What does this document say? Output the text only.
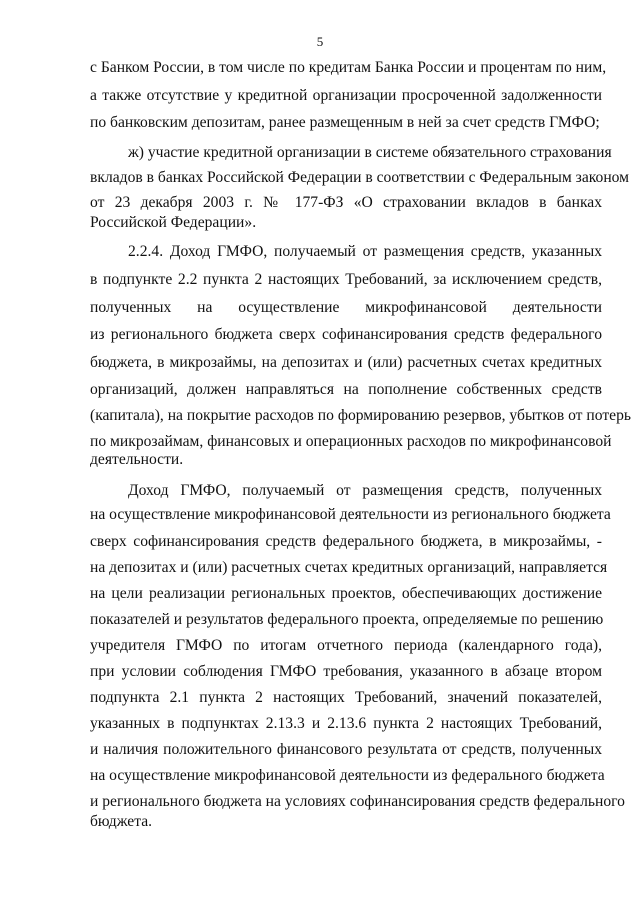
5
с Банком России, в том числе по кредитам Банка России и процентам по ним,
а также отсутствие у кредитной организации просроченной задолженности
по банковским депозитам, ранее размещенным в ней за счет средств ГМФО;
ж) участие кредитной организации в системе обязательного страхования
вкладов в банках Российской Федерации в соответствии с Федеральным законом
от 23 декабря 2003 г. № 177-ФЗ «О страховании вкладов в банках
Российской Федерации».
2.2.4. Доход ГМФО, получаемый от размещения средств, указанных
в подпункте 2.2 пункта 2 настоящих Требований, за исключением средств,
полученных на осуществление микрофинансовой деятельности
из регионального бюджета сверх софинансирования средств федерального
бюджета, в микрозаймы, на депозитах и (или) расчетных счетах кредитных
организаций, должен направляться на пополнение собственных средств
(капитала), на покрытие расходов по формированию резервов, убытков от потерь
по микрозаймам, финансовых и операционных расходов по микрофинансовой
деятельности.
Доход ГМФО, получаемый от размещения средств, полученных
на осуществление микрофинансовой деятельности из регионального бюджета
сверх софинансирования средств федерального бюджета, в микрозаймы, -
на депозитах и (или) расчетных счетах кредитных организаций, направляется
на цели реализации региональных проектов, обеспечивающих достижение
показателей и результатов федерального проекта, определяемые по решению
учредителя ГМФО по итогам отчетного периода (календарного года),
при условии соблюдения ГМФО требования, указанного в абзаце втором
подпункта 2.1 пункта 2 настоящих Требований, значений показателей,
указанных в подпунктах 2.13.3 и 2.13.6 пункта 2 настоящих Требований,
и наличия положительного финансового результата от средств, полученных
на осуществление микрофинансовой деятельности из федерального бюджета
и регионального бюджета на условиях софинансирования средств федерального
бюджета.
